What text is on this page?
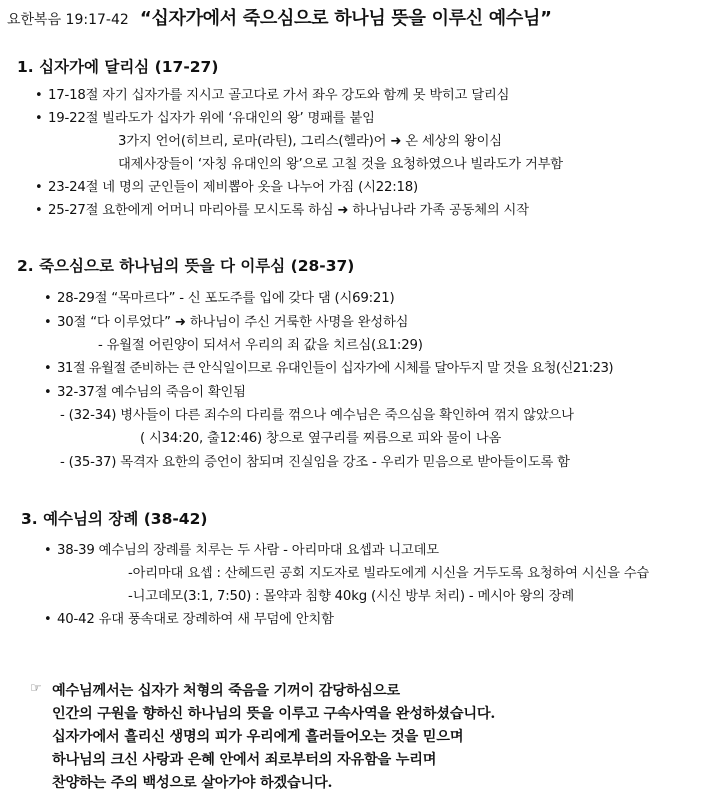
요한복음 19:17-42 “십자가에서 죽으심으로 하나님 뜻을 이루신 예수님”
1. 십자가에 달리심 (17-27)
• 17-18절 자기 십자가를 지시고 골고다로 가서 좌우 강도와 함께 못 박히고 달리심
• 19-22절 빌라도가 십자가 위에 ‘유대인의 왕’ 명패를 붙임
3가지 언어(히브리, 로마(라틴), 그리스(헬라)어 ➜ 온 세상의 왕이심
대제사장들이 ‘자칭 유대인의 왕’으로 고칠 것을 요청하였으나 빌라도가 거부함
• 23-24절 네 명의 군인들이 제비뽑아 옷을 나누어 가짐 (시22:18)
• 25-27절 요한에게 어머니 마리아를 모시도록 하심 ➜ 하나님나라 가족 공동체의 시작
2. 죽으심으로 하나님의 뜻을 다 이루심 (28-37)
• 28-29절 “목마르다” - 신 포도주를 입에 갖다 댐 (시69:21)
• 30절 “다 이루었다” ➜ 하나님이 주신 거룩한 사명을 완성하심
- 유월절 어린양이 되셔서 우리의 죄 값을 치르심(요1:29)
• 31절 유월절 준비하는 큰 안식일이므로 유대인들이 십자가에 시체를 달아두지 말 것을 요청(신21:23)
• 32-37절 예수님의 죽음이 확인됨
- (32-34) 병사들이 다른 죄수의 다리를 꺾으나 예수님은 죽으심을 확인하여 꺾지 않았으나
( 시34:20, 출12:46) 창으로 옆구리를 찌름으로 피와 물이 나옴
- (35-37) 목격자 요한의 증언이 참되며 진실임을 강조 - 우리가 믿음으로 받아들이도록 함
3. 예수님의 장례 (38-42)
• 38-39 예수님의 장례를 치루는 두 사람 - 아리마대 요셉과 니고데모
-아리마대 요셉 : 산헤드린 공회 지도자로 빌라도에게 시신을 거두도록 요청하여 시신을 수습
-니고데모(3:1, 7:50) : 몰약과 침향 40kg (시신 방부 처리) - 메시아 왕의 장례
• 40-42 유대 풍속대로 장례하여 새 무덤에 안치함
☞ 예수님께서는 십자가 처형의 죽음을 기꺼이 감당하심으로
인간의 구원을 향하신 하나님의 뜻을 이루고 구속사역을 완성하셨습니다.
십자가에서 흘리신 생명의 피가 우리에게 흘러들어오는 것을 믿으며
하나님의 크신 사랑과 은혜 안에서 죄로부터의 자유함을 누리며
찬양하는 주의 백성으로 살아가야 하겠습니다.
